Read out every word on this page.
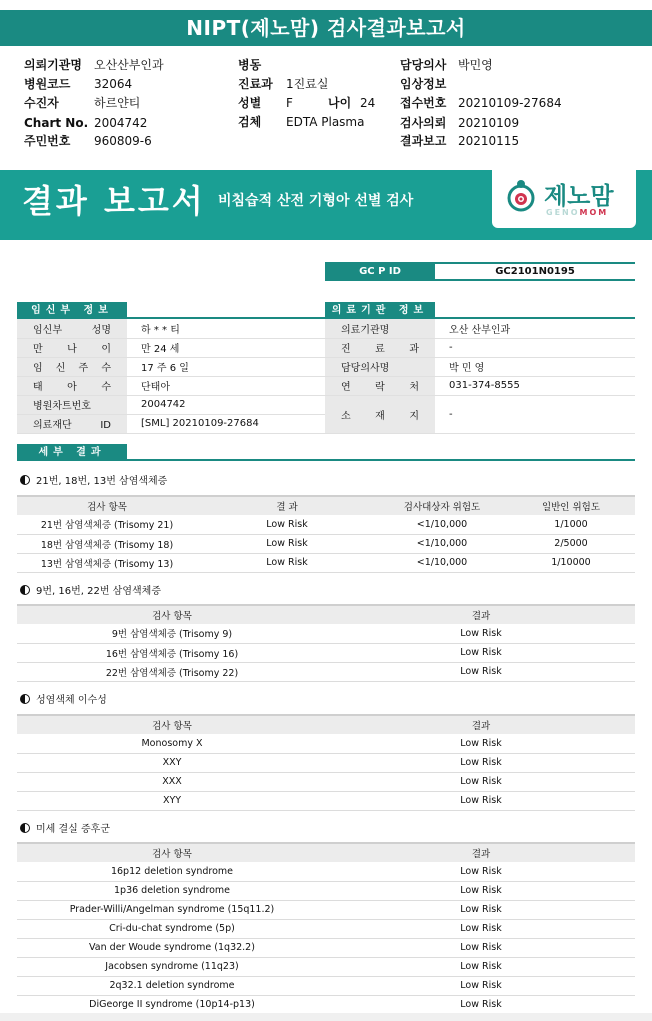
NIPT(제노맘) 검사결과보고서
의뢰기관명 오산산부인과
병원코드 32064
수진자	하르얀티
Chart No. 2004742
주민번호 960809-6
병동
진료과 1진료실
성별 F	나이 24
검체 EDTA Plasma
담당의사 박민영
임상정보
접수번호 20210109-27684
검사의뢰 20210109
결과보고 20210115
결과 보고서 비침습적 산전 기형아 선별 검사	제노맘
GENOMOM
GC P ID	GC2101N0195
임신부 정보
임신부 성명	하 * * 티
만 나 이	만 24 세
임 신 주 수	17 주 6 일
태 아 수	단태아
병원차트번호	2004742
의료재단 ID	[SML] 20210109-27684
의료기관 정보
의료기관명	오산 산부인과
진 료 과	-
담당의사명	박 민 영
연 락 처	031-374-8555
소 재 지	-
세부 결과
21번, 18번, 13번 삼염색체증
검사 항목	결 과	검사대상자 위험도	일반인 위험도
21번 삼염색체증 (Trisomy 21)	Low Risk	<1/10,000	1/1000
18번 삼염색체증 (Trisomy 18)	Low Risk	<1/10,000	2/5000
13번 삼염색체증 (Trisomy 13)	Low Risk	<1/10,000	1/10000
9번, 16번, 22번 삼염색체증
검사 항목	결과
9번 삼염색체증 (Trisomy 9)	Low Risk
16번 삼염색체증 (Trisomy 16)	Low Risk
22번 삼염색체증 (Trisomy 22)	Low Risk
성염색체 이수성
검사 항목	결과
Monosomy X	Low Risk
XXY	Low Risk
XXX	Low Risk
XYY	Low Risk
미세 결실 증후군
검사 항목	결과
16p12 deletion syndrome	Low Risk
1p36 deletion syndrome	Low Risk
Prader-Willi/Angelman syndrome (15q11.2)	Low Risk
Cri-du-chat syndrome (5p)	Low Risk
Van der Woude syndrome (1q32.2)	Low Risk
Jacobsen syndrome (11q23)	Low Risk
2q32.1 deletion syndrome	Low Risk
DiGeorge II syndrome (10p14-p13)	Low Risk
